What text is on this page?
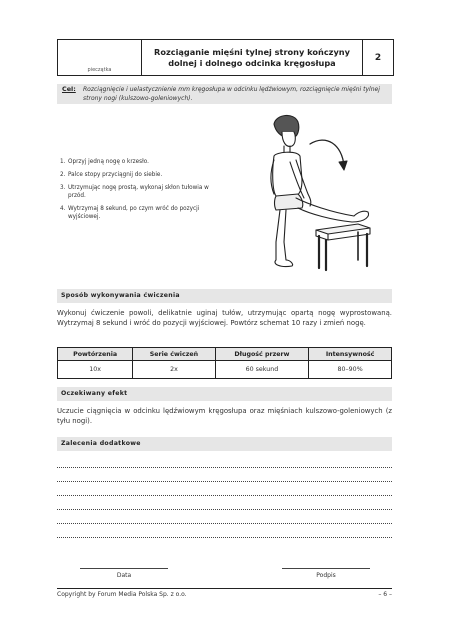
pieczątka
Rozciąganie mięśni tylnej strony kończyny dolnej i dolnego odcinka kręgosłupa	2
Cel: Rozciągnięcie i uelastycznienie mm kręgosłupa w odcinku lędźwiowym, rozciągnięcie mięśni tylnej strony nogi (kulszowo-goleniowych).
1. Oprzyj jedną nogę o krzesło.
2. Palce stopy przyciągnij do siebie.
3. Utrzymując nogę prostą, wykonaj skłon tułowia w przód.
4. Wytrzymaj 8 sekund, po czym wróć do pozycji wyjściowej.
Sposób wykonywania ćwiczenia
Wykonuj ćwiczenie powoli, delikatnie uginaj tułów, utrzymując opartą nogę wyprostowaną. Wytrzymaj 8 sekund i wróć do pozycji wyjściowej. Powtórz schemat 10 razy i zmień nogę.
Powtórzenia	Serie ćwiczeń	Długość przerw	Intensywność
10x	2x	60 sekund	80–90%
Oczekiwany efekt
Uczucie ciągnięcia w odcinku lędźwiowym kręgosłupa oraz mięśniach kulszowo-goleniowych (z tyłu nogi).
Zalecenia dodatkowe
Data	Podpis
Copyright by Forum Media Polska Sp. z o.o.	– 6 –
